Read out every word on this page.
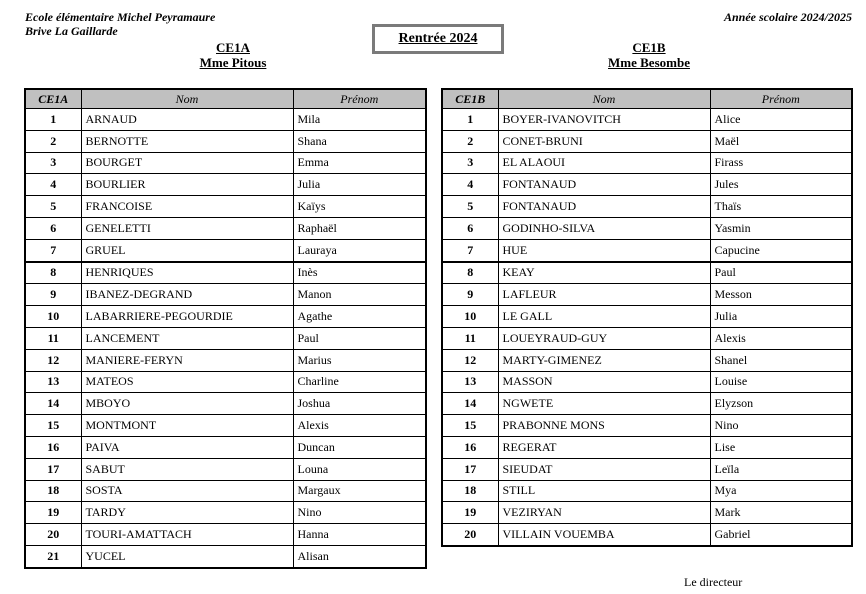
Ecole élémentaire Michel Peyramaure
Brive La Gaillarde
Année scolaire 2024/2025
Rentrée 2024
CE1A
Mme Pitous
CE1B
Mme Besombe
CE1A	Nom	Prénom
1	ARNAUD	Mila
2	BERNOTTE	Shana
3	BOURGET	Emma
4	BOURLIER	Julia
5	FRANCOISE	Kaïys
6	GENELETTI	Raphaël
7	GRUEL	Lauraya
8	HENRIQUES	Inès
9	IBANEZ-DEGRAND	Manon
10	LABARRIERE-PEGOURDIE	Agathe
11	LANCEMENT	Paul
12	MANIERE-FERYN	Marius
13	MATEOS	Charline
14	MBOYO	Joshua
15	MONTMONT	Alexis
16	PAIVA	Duncan
17	SABUT	Louna
18	SOSTA	Margaux
19	TARDY	Nino
20	TOURI-AMATTACH	Hanna
21	YUCEL	Alisan
CE1B	Nom	Prénom
1	BOYER-IVANOVITCH	Alice
2	CONET-BRUNI	Maël
3	EL ALAOUI	Firass
4	FONTANAUD	Jules
5	FONTANAUD	Thaïs
6	GODINHO-SILVA	Yasmin
7	HUE	Capucine
8	KEAY	Paul
9	LAFLEUR	Messon
10	LE GALL	Julia
11	LOUEYRAUD-GUY	Alexis
12	MARTY-GIMENEZ	Shanel
13	MASSON	Louise
14	NGWETE	Elyzson
15	PRABONNE MONS	Nino
16	REGERAT	Lise
17	SIEUDAT	Leïla
18	STILL	Mya
19	VEZIRYAN	Mark
20	VILLAIN VOUEMBA	Gabriel
Le directeur
